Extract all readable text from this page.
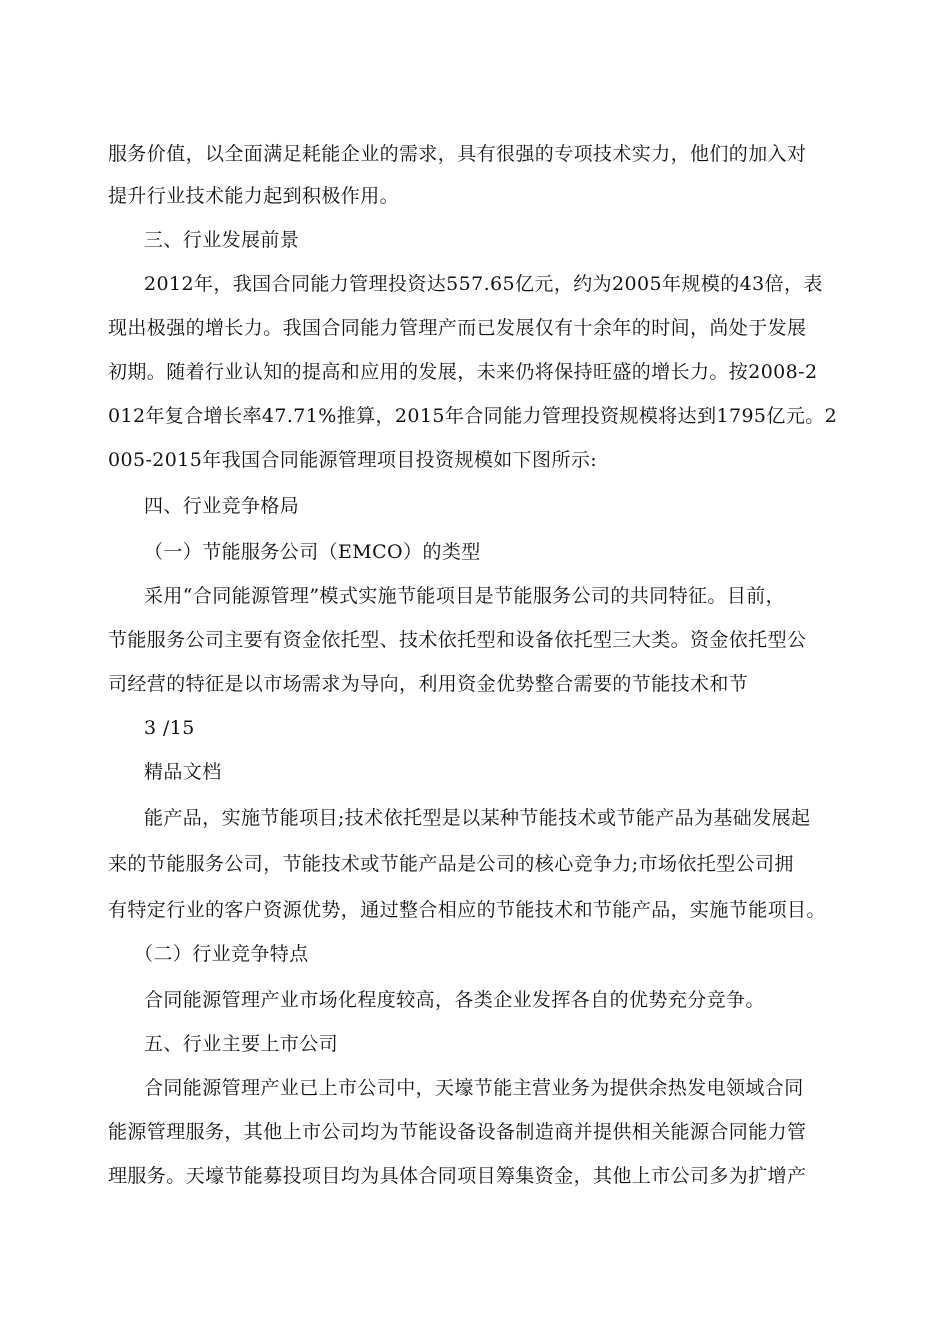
服务价值，以全面满足耗能企业的需求，具有很强的专项技术实力，他们的加入对
提升行业技术能力起到积极作用。
三、行业发展前景
2012年，我国合同能力管理投资达557.65亿元，约为2005年规模的43倍，表
现出极强的增长力。我国合同能力管理产而已发展仅有十余年的时间，尚处于发展
初期。随着行业认知的提高和应用的发展，未来仍将保持旺盛的增长力。按2008-2
012年复合增长率47.71%推算，2015年合同能力管理投资规模将达到1795亿元。2
005-2015年我国合同能源管理项目投资规模如下图所示:
四、行业竞争格局
（一）节能服务公司（EMCO）的类型
采用“合同能源管理”模式实施节能项目是节能服务公司的共同特征。目前，
节能服务公司主要有资金依托型、技术依托型和设备依托型三大类。资金依托型公
司经营的特征是以市场需求为导向，利用资金优势整合需要的节能技术和节
3 /15
精品文档
能产品，实施节能项目;技术依托型是以某种节能技术或节能产品为基础发展起
来的节能服务公司，节能技术或节能产品是公司的核心竞争力;市场依托型公司拥
有特定行业的客户资源优势，通过整合相应的节能技术和节能产品，实施节能项目。
（二）行业竞争特点
合同能源管理产业市场化程度较高，各类企业发挥各自的优势充分竞争。
五、行业主要上市公司
合同能源管理产业已上市公司中，天壕节能主营业务为提供余热发电领域合同
能源管理服务，其他上市公司均为节能设备设备制造商并提供相关能源合同能力管
理服务。天壕节能募投项目均为具体合同项目筹集资金，其他上市公司多为扩增产
